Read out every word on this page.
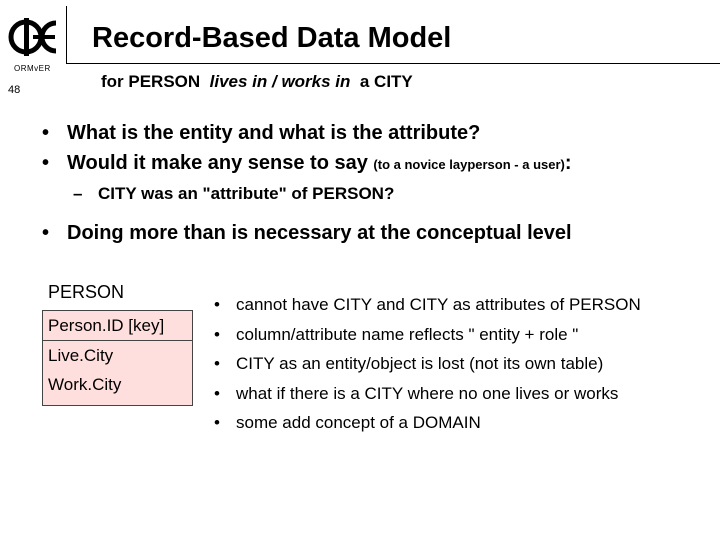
ORMvER
48
Record-Based Data Model
for PERSON lives in / works in a CITY
• What is the entity and what is the attribute?
• Would it make any sense to say (to a novice layperson - a user):
– CITY was an "attribute" of PERSON?
• Doing more than is necessary at the conceptual level
PERSON
Person.ID [key]
Live.City
Work.City
• cannot have CITY and CITY as attributes of PERSON
• column/attribute name reflects " entity + role "
• CITY as an entity/object is lost (not its own table)
• what if there is a CITY where no one lives or works
• some add concept of a DOMAIN
